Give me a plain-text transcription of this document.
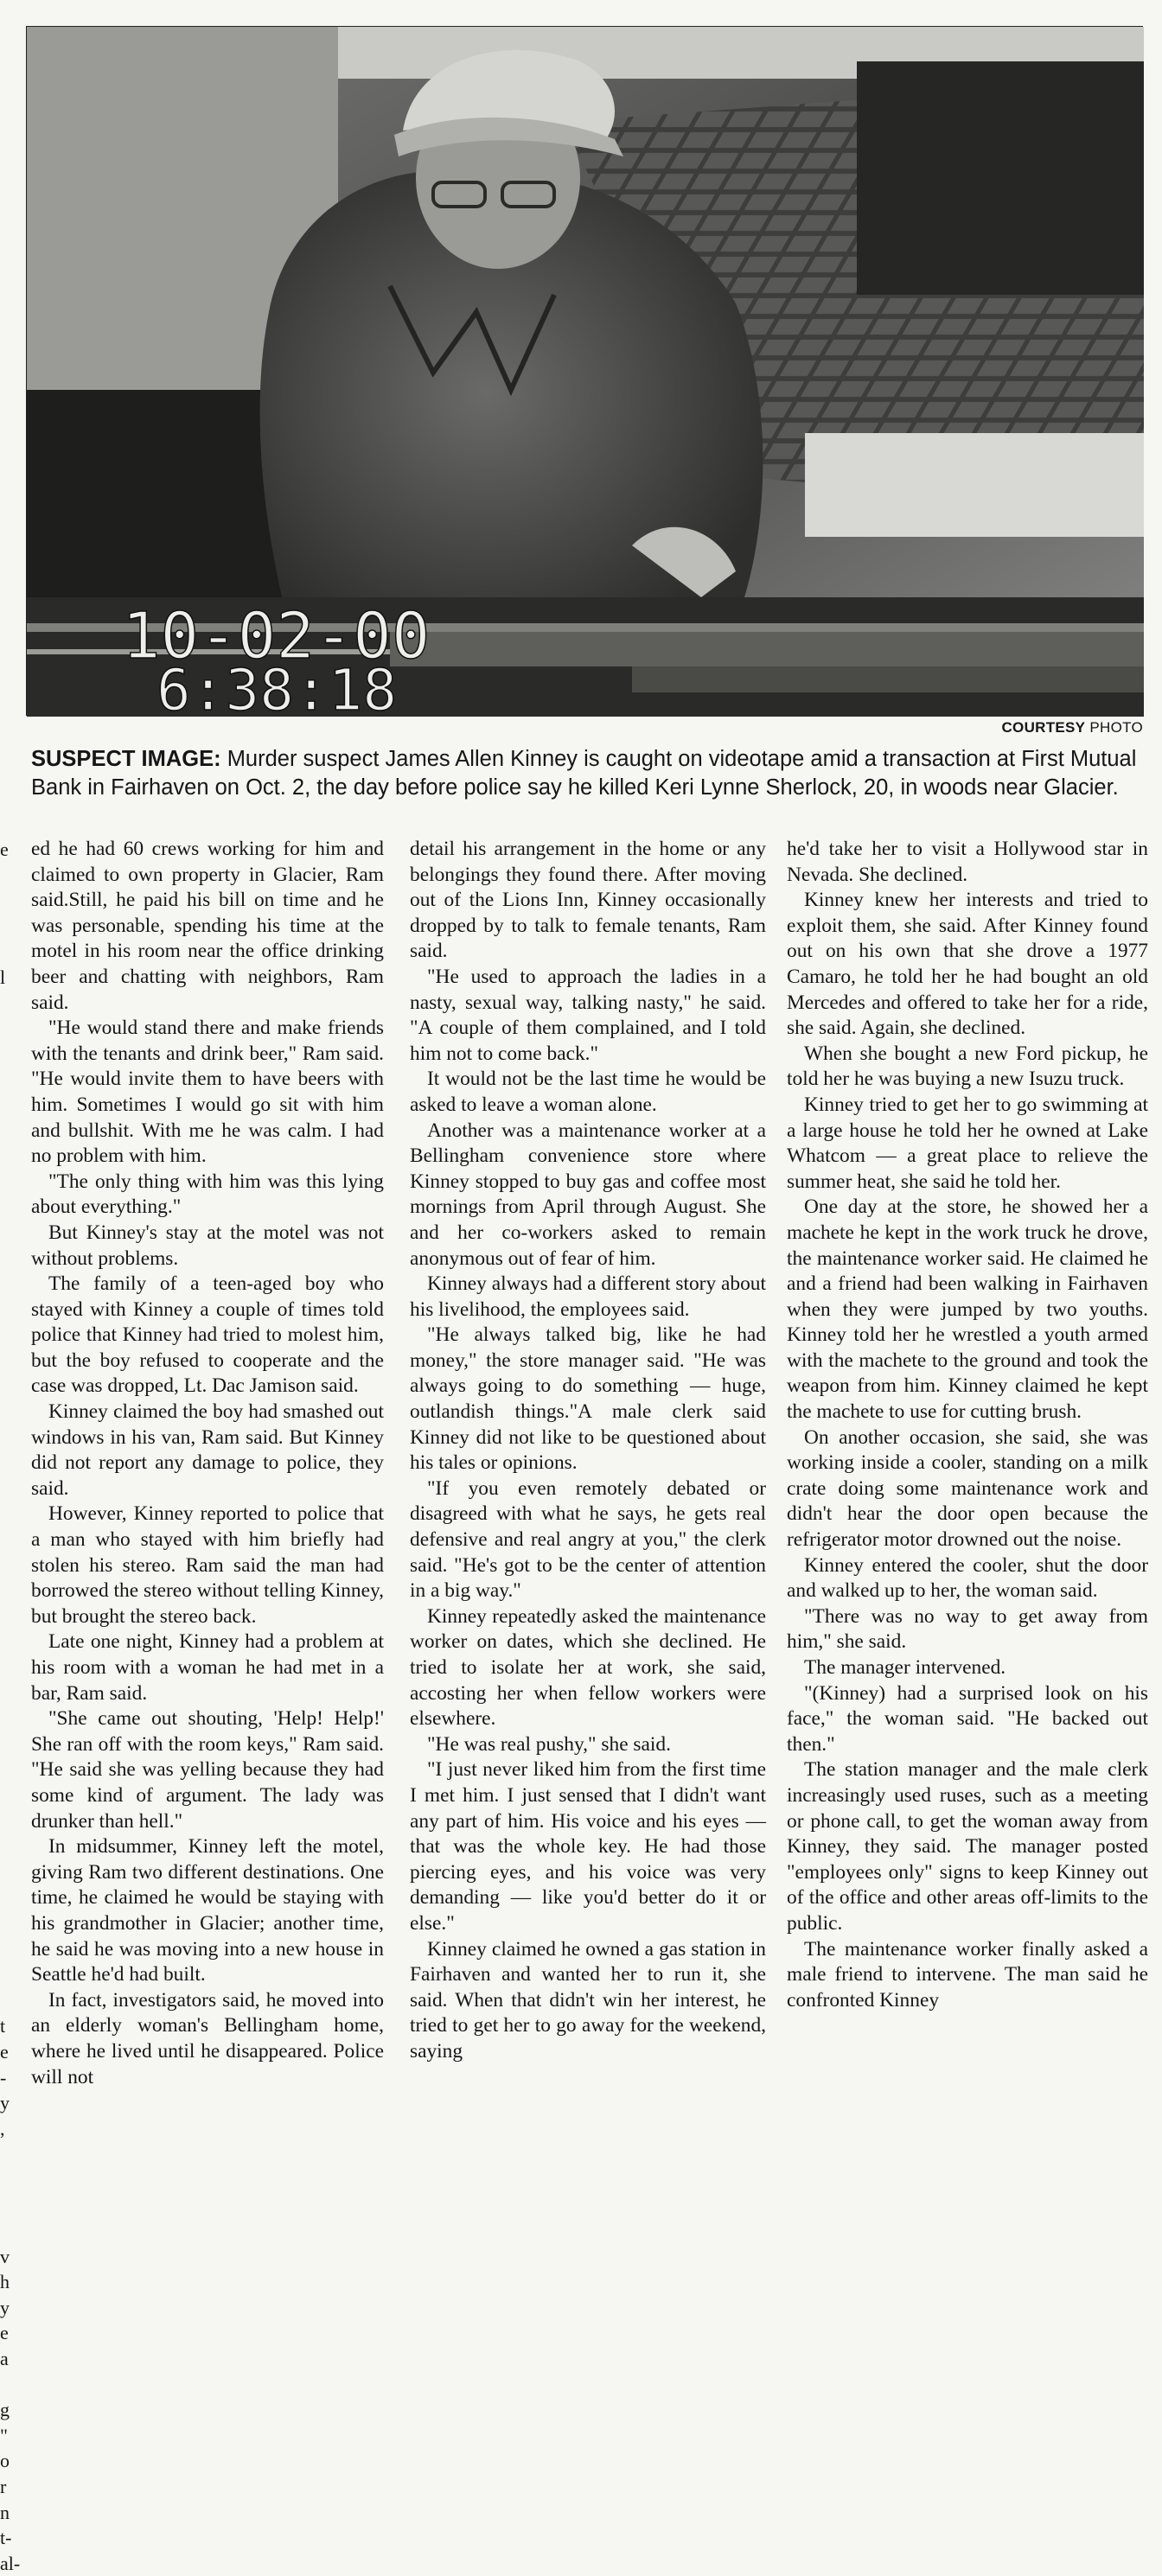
10-02-00
6:38:18
COURTESY PHOTO

SUSPECT IMAGE: Murder suspect James Allen Kinney is caught on videotape amid a transaction at First Mutual Bank in Fairhaven on Oct. 2, the day before police say he killed Keri Lynne Sherlock, 20, in woods near Glacier.

e

l

t
e
-
y
,

v
h
y
e
a

g
"
o
r
n
t-
al-

ed he had 60 crews working for him and claimed to own property in Glacier, Ram said.Still, he paid his bill on time and he was personable, spending his time at the motel in his room near the office drinking beer and chatting with neighbors, Ram said.

"He would stand there and make friends with the tenants and drink beer," Ram said. "He would invite them to have beers with him. Sometimes I would go sit with him and bullshit. With me he was calm. I had no problem with him.

"The only thing with him was this lying about everything."

But Kinney's stay at the motel was not without problems.

The family of a teen-aged boy who stayed with Kinney a couple of times told police that Kinney had tried to molest him, but the boy refused to cooperate and the case was dropped, Lt. Dac Jamison said.

Kinney claimed the boy had smashed out windows in his van, Ram said. But Kinney did not report any damage to police, they said.

However, Kinney reported to police that a man who stayed with him briefly had stolen his stereo. Ram said the man had borrowed the stereo without telling Kinney, but brought the stereo back.

Late one night, Kinney had a problem at his room with a woman he had met in a bar, Ram said.

"She came out shouting, 'Help! Help!' She ran off with the room keys," Ram said. "He said she was yelling because they had some kind of argument. The lady was drunker than hell."

In midsummer, Kinney left the motel, giving Ram two different destinations. One time, he claimed he would be staying with his grandmother in Glacier; another time, he said he was moving into a new house in Seattle he'd had built.

In fact, investigators said, he moved into an elderly woman's Bellingham home, where he lived until he disappeared. Police will not

detail his arrangement in the home or any belongings they found there. After moving out of the Lions Inn, Kinney occasionally dropped by to talk to female tenants, Ram said.

"He used to approach the ladies in a nasty, sexual way, talking nasty," he said. "A couple of them complained, and I told him not to come back."

It would not be the last time he would be asked to leave a woman alone.

Another was a maintenance worker at a Bellingham convenience store where Kinney stopped to buy gas and coffee most mornings from April through August. She and her co-workers asked to remain anonymous out of fear of him.

Kinney always had a different story about his livelihood, the employees said.

"He always talked big, like he had money," the store manager said. "He was always going to do something — huge, outlandish things."A male clerk said Kinney did not like to be questioned about his tales or opinions.

"If you even remotely debated or disagreed with what he says, he gets real defensive and real angry at you," the clerk said. "He's got to be the center of attention in a big way."

Kinney repeatedly asked the maintenance worker on dates, which she declined. He tried to isolate her at work, she said, accosting her when fellow workers were elsewhere.

"He was real pushy," she said.

"I just never liked him from the first time I met him. I just sensed that I didn't want any part of him. His voice and his eyes — that was the whole key. He had those piercing eyes, and his voice was very demanding — like you'd better do it or else."

Kinney claimed he owned a gas station in Fairhaven and wanted her to run it, she said. When that didn't win her interest, he tried to get her to go away for the weekend, saying

he'd take her to visit a Hollywood star in Nevada. She declined.

Kinney knew her interests and tried to exploit them, she said. After Kinney found out on his own that she drove a 1977 Camaro, he told her he had bought an old Mercedes and offered to take her for a ride, she said. Again, she declined.

When she bought a new Ford pickup, he told her he was buying a new Isuzu truck.

Kinney tried to get her to go swimming at a large house he told her he owned at Lake Whatcom — a great place to relieve the summer heat, she said he told her.

One day at the store, he showed her a machete he kept in the work truck he drove, the maintenance worker said. He claimed he and a friend had been walking in Fairhaven when they were jumped by two youths. Kinney told her he wrestled a youth armed with the machete to the ground and took the weapon from him. Kinney claimed he kept the machete to use for cutting brush.

On another occasion, she said, she was working inside a cooler, standing on a milk crate doing some maintenance work and didn't hear the door open because the refrigerator motor drowned out the noise.

Kinney entered the cooler, shut the door and walked up to her, the woman said.

"There was no way to get away from him," she said.

The manager intervened.

"(Kinney) had a surprised look on his face," the woman said. "He backed out then."

The station manager and the male clerk increasingly used ruses, such as a meeting or phone call, to get the woman away from Kinney, they said. The manager posted "employees only" signs to keep Kinney out of the office and other areas off-limits to the public.

The maintenance worker finally asked a male friend to intervene. The man said he confronted Kinney
